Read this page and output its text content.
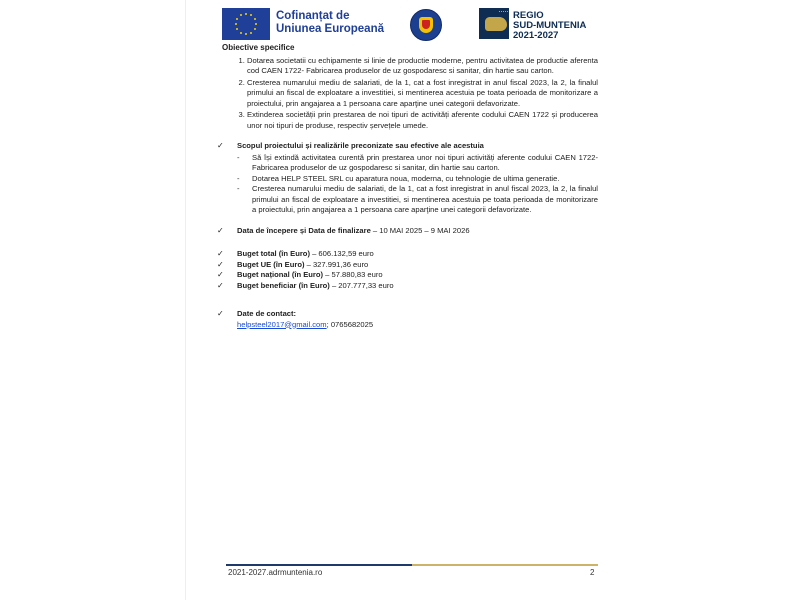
Cofinanțat de
Uniunea Europeană
REGIO
SUD-MUNTENIA
2021-2027
Obiective specifice
1. Dotarea societatii cu echipamente si linie de productie moderne, pentru activitatea de productie aferenta cod CAEN 1722- Fabricarea produselor de uz gospodaresc si sanitar, din hartie sau carton.
2. Cresterea numarului mediu de salariati, de la 1, cat a fost inregistrat in anul fiscal 2023, la 2, la finalul primului an fiscal de exploatare a investitiei, si mentinerea acestuia pe toata perioada de monitorizare a proiectului, prin angajarea a 1 persoana care aparţine unei categorii defavorizate.
3. Extinderea societății prin prestarea de noi tipuri de activități aferente codului CAEN 1722 și producerea unor noi tipuri de produse, respectiv șervețele umede.
✓ Scopul proiectului și realizările preconizate sau efective ale acestuia
- Să își extindă activitatea curentă prin prestarea unor noi tipuri activități aferente codului CAEN 1722- Fabricarea produselor de uz gospodaresc si sanitar, din hartie sau carton.
- Dotarea HELP STEEL SRL cu aparatura noua, moderna, cu tehnologie de ultima generatie.
- Cresterea numarului mediu de salariati, de la 1, cat a fost inregistrat in anul fiscal 2023, la 2, la finalul primului an fiscal de exploatare a investitiei, si mentinerea acestuia pe toata perioada de monitorizare a proiectului, prin angajarea a 1 persoana care aparţine unei categorii defavorizate.
✓ Data de începere și Data de finalizare – 10 MAI 2025 – 9 MAI 2026
✓ Buget total (în Euro) – 606.132,59 euro
✓ Buget UE (în Euro) – 327.991,36 euro
✓ Buget național (în Euro) – 57.880,83 euro
✓ Buget beneficiar (în Euro) – 207.777,33 euro
✓ Date de contact:
helpsteel2017@gmail.com; 0765682025
2021-2027.adrmuntenia.ro	2
